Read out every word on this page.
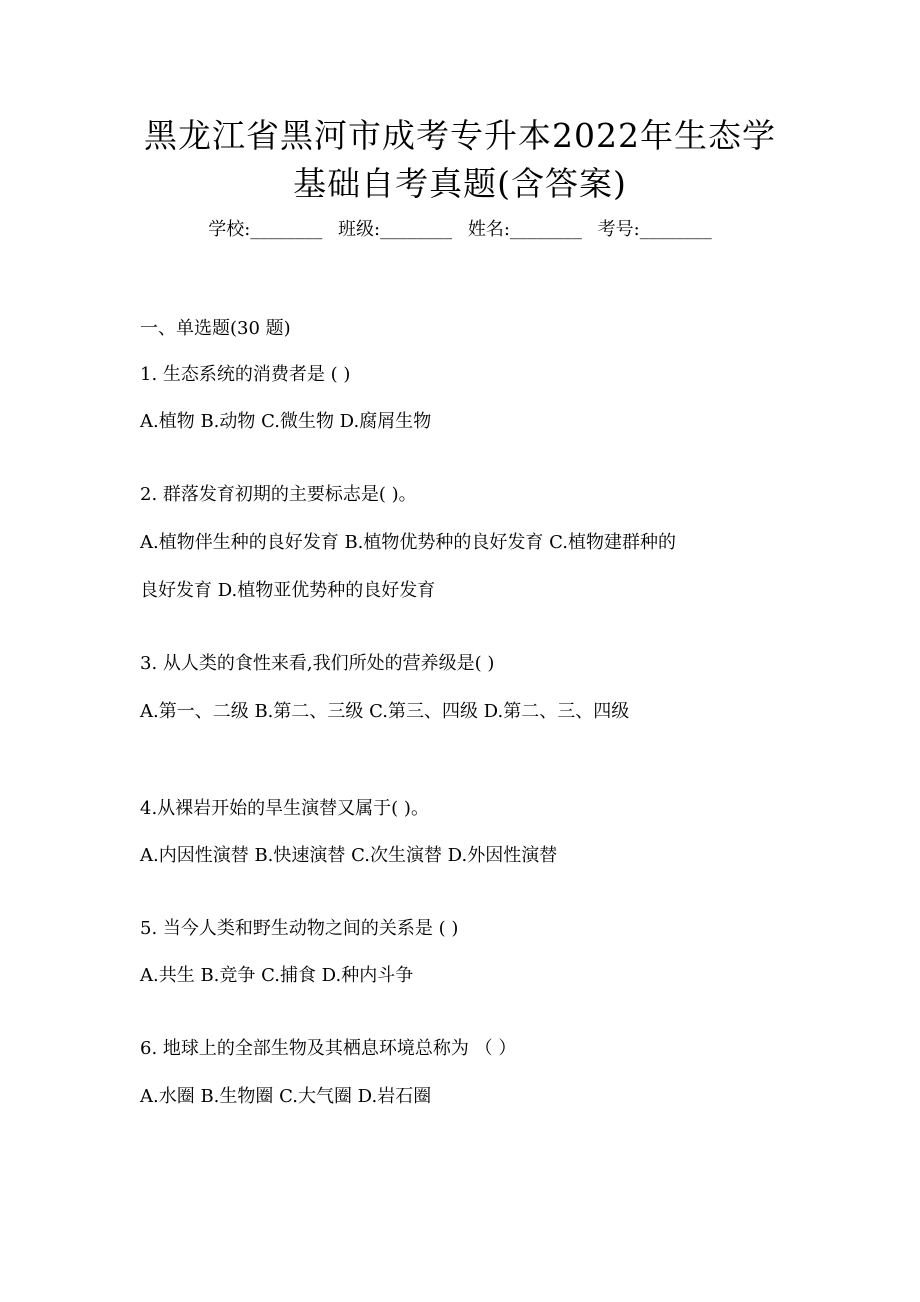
黑龙江省黑河市成考专升本2022年生态学
基础自考真题(含答案)
学校:________ 班级:________ 姓名:________ 考号:________
一、单选题(30 题)
1. 生态系统的消费者是 ( )
A.植物 B.动物 C.微生物 D.腐屑生物
2. 群落发育初期的主要标志是( )。
A.植物伴生种的良好发育 B.植物优势种的良好发育 C.植物建群种的
良好发育 D.植物亚优势种的良好发育
3. 从人类的食性来看,我们所处的营养级是( )
A.第一、二级 B.第二、三级 C.第三、四级 D.第二、三、四级
4.从裸岩开始的旱生演替又属于( )。
A.内因性演替 B.快速演替 C.次生演替 D.外因性演替
5. 当今人类和野生动物之间的关系是 ( )
A.共生 B.竞争 C.捕食 D.种内斗争
6. 地球上的全部生物及其栖息环境总称为 （ ）
A.水圈 B.生物圈 C.大气圈 D.岩石圈
